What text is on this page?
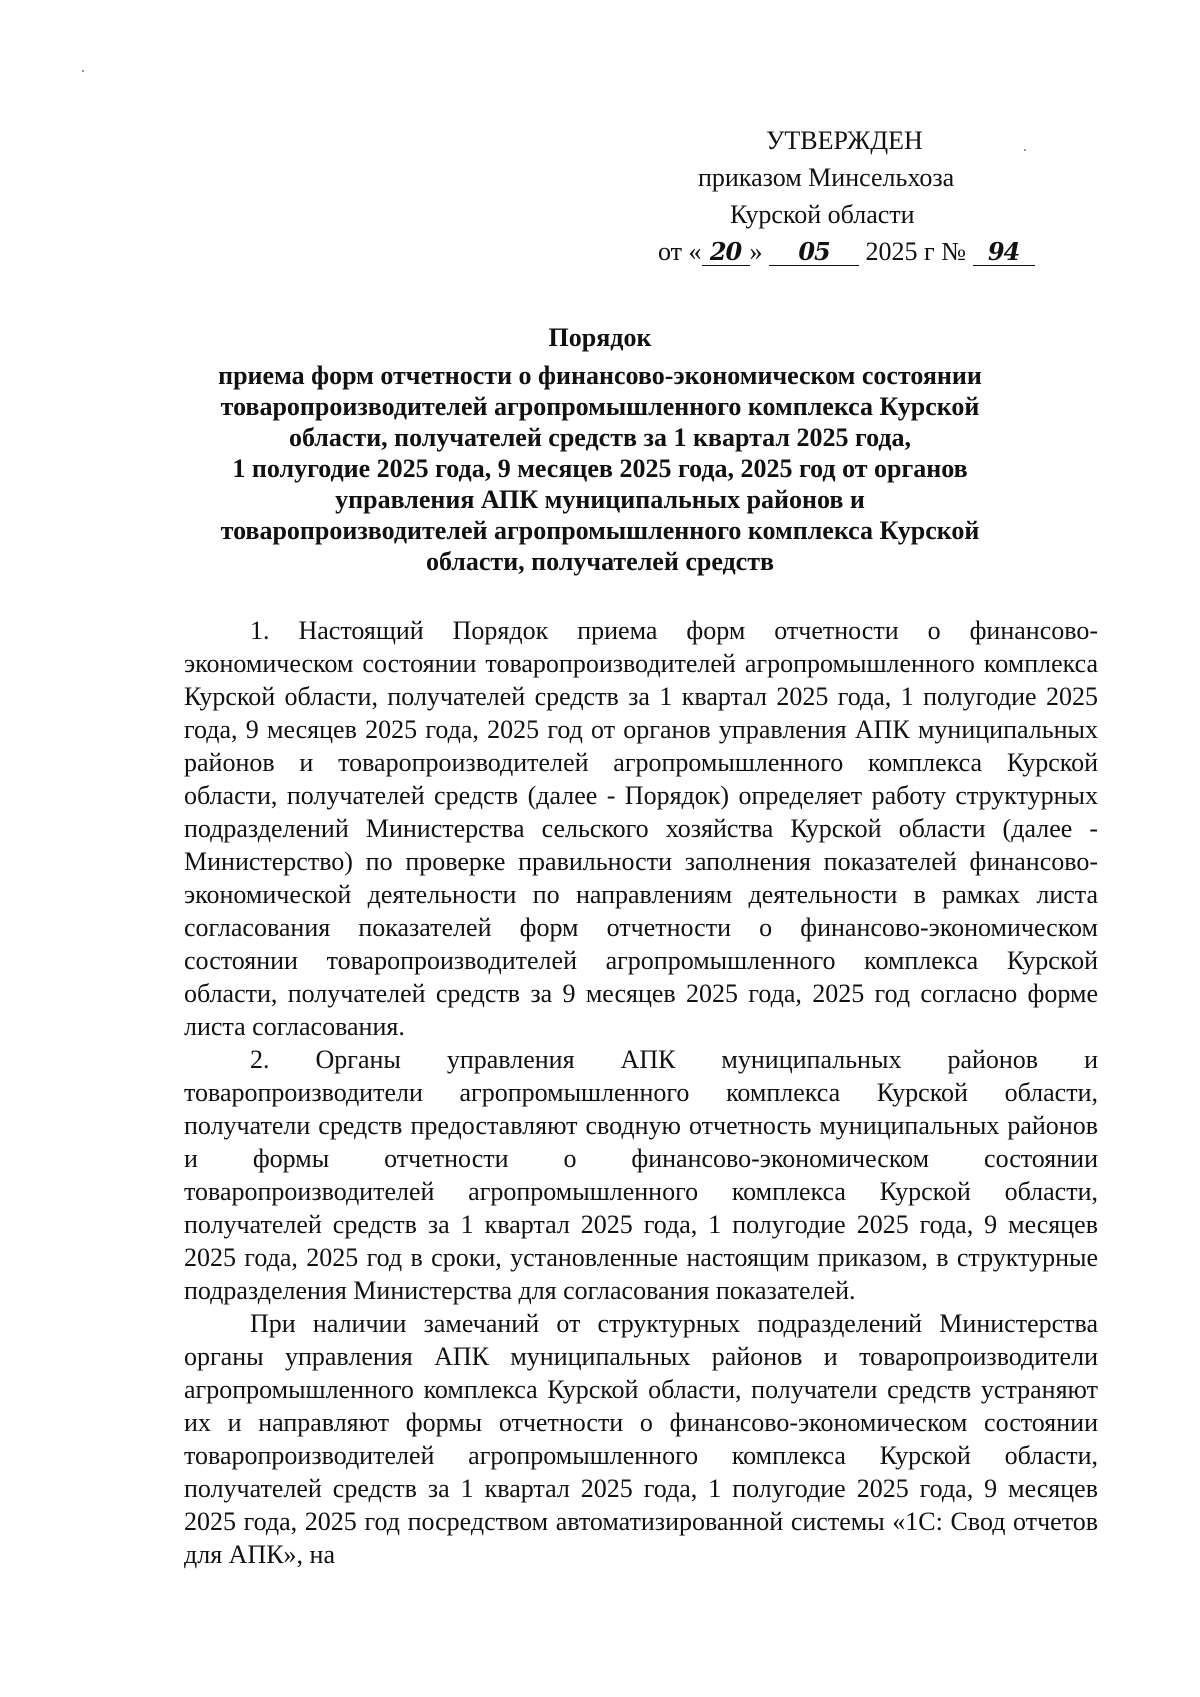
УТВЕРЖДЕН
приказом Минсельхоза
Курской области
от « 20 » 05 2025 г № 94
Порядок
приема форм отчетности о финансово-экономическом состоянии
товаропроизводителей агропромышленного комплекса Курской
области, получателей средств за 1 квартал 2025 года,
1 полугодие 2025 года, 9 месяцев 2025 года, 2025 год от органов
управления АПК муниципальных районов и
товаропроизводителей агропромышленного комплекса Курской
области, получателей средств

1. Настоящий Порядок приема форм отчетности о финансово-экономическом состоянии товаропроизводителей агропромышленного комплекса Курской области, получателей средств за 1 квартал 2025 года, 1 полугодие 2025 года, 9 месяцев 2025 года, 2025 год от органов управления АПК муниципальных районов и товаропроизводителей агропромышленного комплекса Курской области, получателей средств (далее - Порядок) определяет работу структурных подразделений Министерства сельского хозяйства Курской области (далее - Министерство) по проверке правильности заполнения показателей финансово-экономической деятельности по направлениям деятельности в рамках листа согласования показателей форм отчетности о финансово-экономическом состоянии товаропроизводителей агропромышленного комплекса Курской области, получателей средств за 9 месяцев 2025 года, 2025 год согласно форме листа согласования.

2. Органы управления АПК муниципальных районов и товаропроизводители агропромышленного комплекса Курской области, получатели средств предоставляют сводную отчетность муниципальных районов и формы отчетности о финансово-экономическом состоянии товаропроизводителей агропромышленного комплекса Курской области, получателей средств за 1 квартал 2025 года, 1 полугодие 2025 года, 9 месяцев 2025 года, 2025 год в сроки, установленные настоящим приказом, в структурные подразделения Министерства для согласования показателей.

При наличии замечаний от структурных подразделений Министерства органы управления АПК муниципальных районов и товаропроизводители агропромышленного комплекса Курской области, получатели средств устраняют их и направляют формы отчетности о финансово-экономическом состоянии товаропроизводителей агропромышленного комплекса Курской области, получателей средств за 1 квартал 2025 года, 1 полугодие 2025 года, 9 месяцев 2025 года, 2025 год посредством автоматизированной системы «1С: Свод отчетов для АПК», на
